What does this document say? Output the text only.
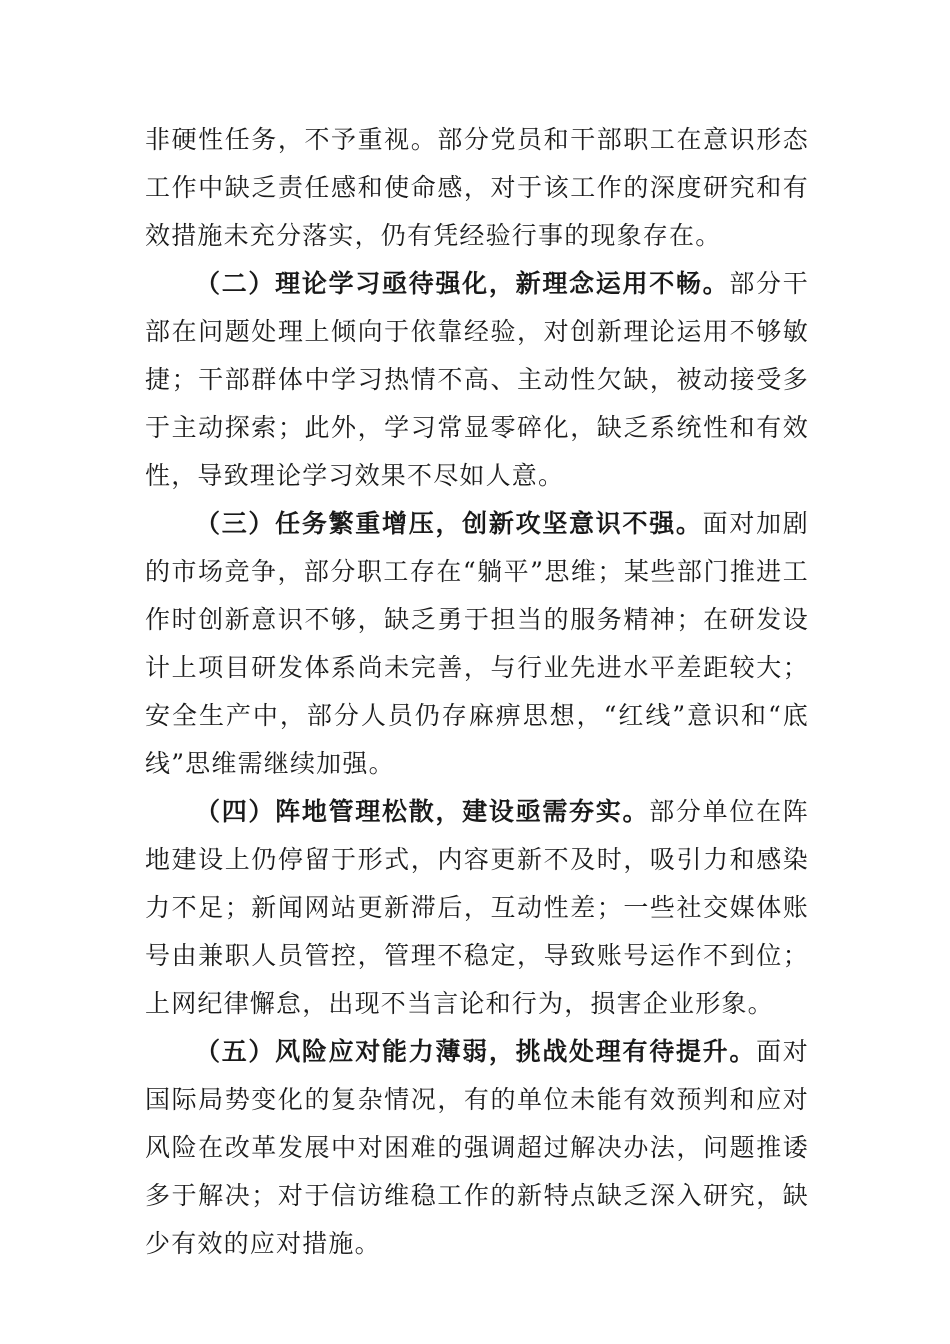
非硬性任务，不予重视。部分党员和干部职工在意识形态工作中缺乏责任感和使命感，对于该工作的深度研究和有效措施未充分落实，仍有凭经验行事的现象存在。

（二）理论学习亟待强化，新理念运用不畅。部分干部在问题处理上倾向于依靠经验，对创新理论运用不够敏捷；干部群体中学习热情不高、主动性欠缺，被动接受多于主动探索；此外，学习常显零碎化，缺乏系统性和有效性，导致理论学习效果不尽如人意。

（三）任务繁重增压，创新攻坚意识不强。面对加剧的市场竞争，部分职工存在“躺平”思维；某些部门推进工作时创新意识不够，缺乏勇于担当的服务精神；在研发设计上项目研发体系尚未完善，与行业先进水平差距较大；安全生产中，部分人员仍存麻痹思想，“红线”意识和“底线”思维需继续加强。

（四）阵地管理松散，建设亟需夯实。部分单位在阵地建设上仍停留于形式，内容更新不及时，吸引力和感染力不足；新闻网站更新滞后，互动性差；一些社交媒体账号由兼职人员管控，管理不稳定，导致账号运作不到位；上网纪律懈怠，出现不当言论和行为，损害企业形象。

（五）风险应对能力薄弱，挑战处理有待提升。面对国际局势变化的复杂情况，有的单位未能有效预判和应对风险在改革发展中对困难的强调超过解决办法，问题推诿多于解决；对于信访维稳工作的新特点缺乏深入研究，缺少有效的应对措施。
